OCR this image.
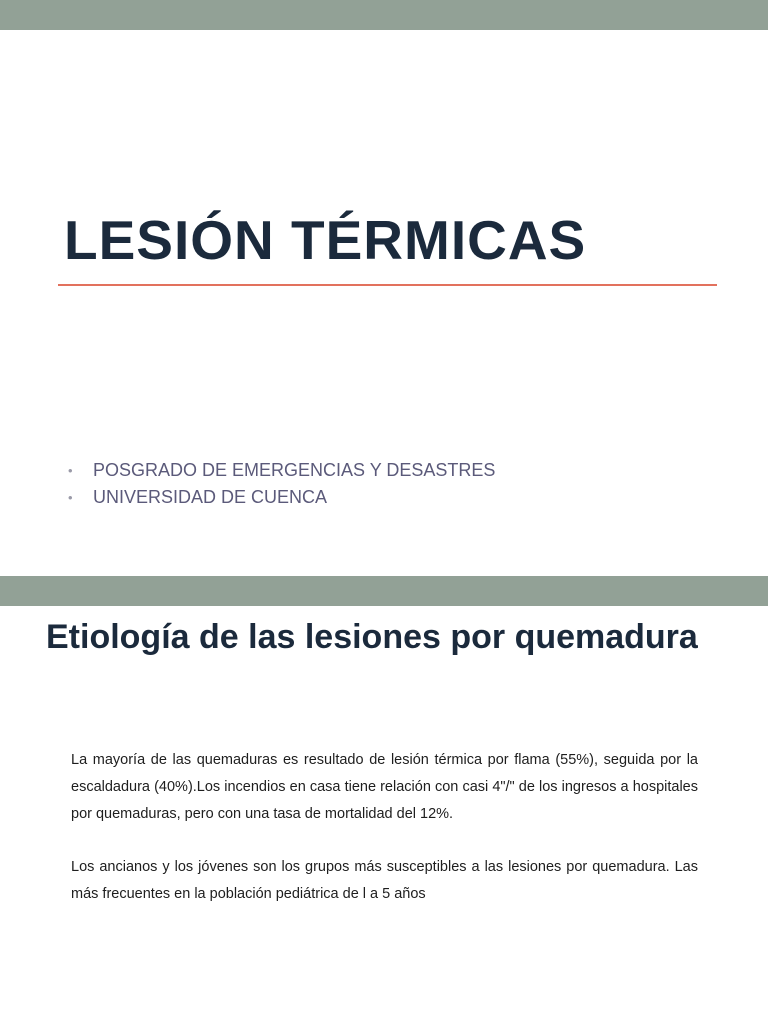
LESIÓN TÉRMICAS
• POSGRADO DE EMERGENCIAS Y DESASTRES
• UNIVERSIDAD DE CUENCA
Etiología de las lesiones por quemadura

La mayoría de las quemaduras es resultado de lesión térmica por flama (55%), seguida por la escaldadura (40%).Los incendios en casa tiene relación con casi 4"/" de los ingresos a hospitales por quemaduras, pero con una tasa de mortalidad del 12%.

Los ancianos y los jóvenes son los grupos más susceptibles a las lesiones por quemadura. Las más frecuentes en la población pediátrica de l a 5 años
